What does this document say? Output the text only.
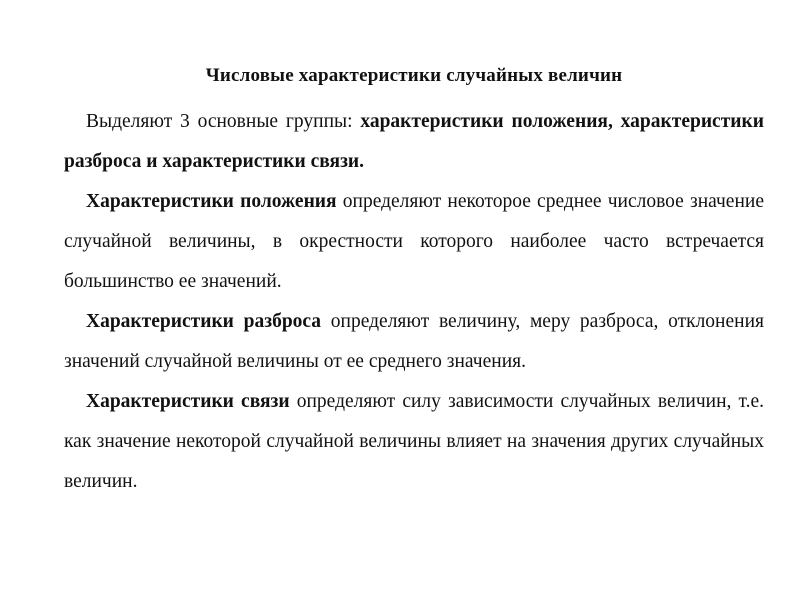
Числовые характеристики случайных величин

Выделяют 3 основные группы: характеристики положения, характеристики разброса и характеристики связи.

Характеристики положения определяют некоторое среднее числовое значение случайной величины, в окрестности которого наиболее часто встречается большинство ее значений.

Характеристики разброса определяют величину, меру разброса, отклонения значений случайной величины от ее среднего значения.

Характеристики связи определяют силу зависимости случайных величин, т.е. как значение некоторой случайной величины влияет на значения других случайных величин.
